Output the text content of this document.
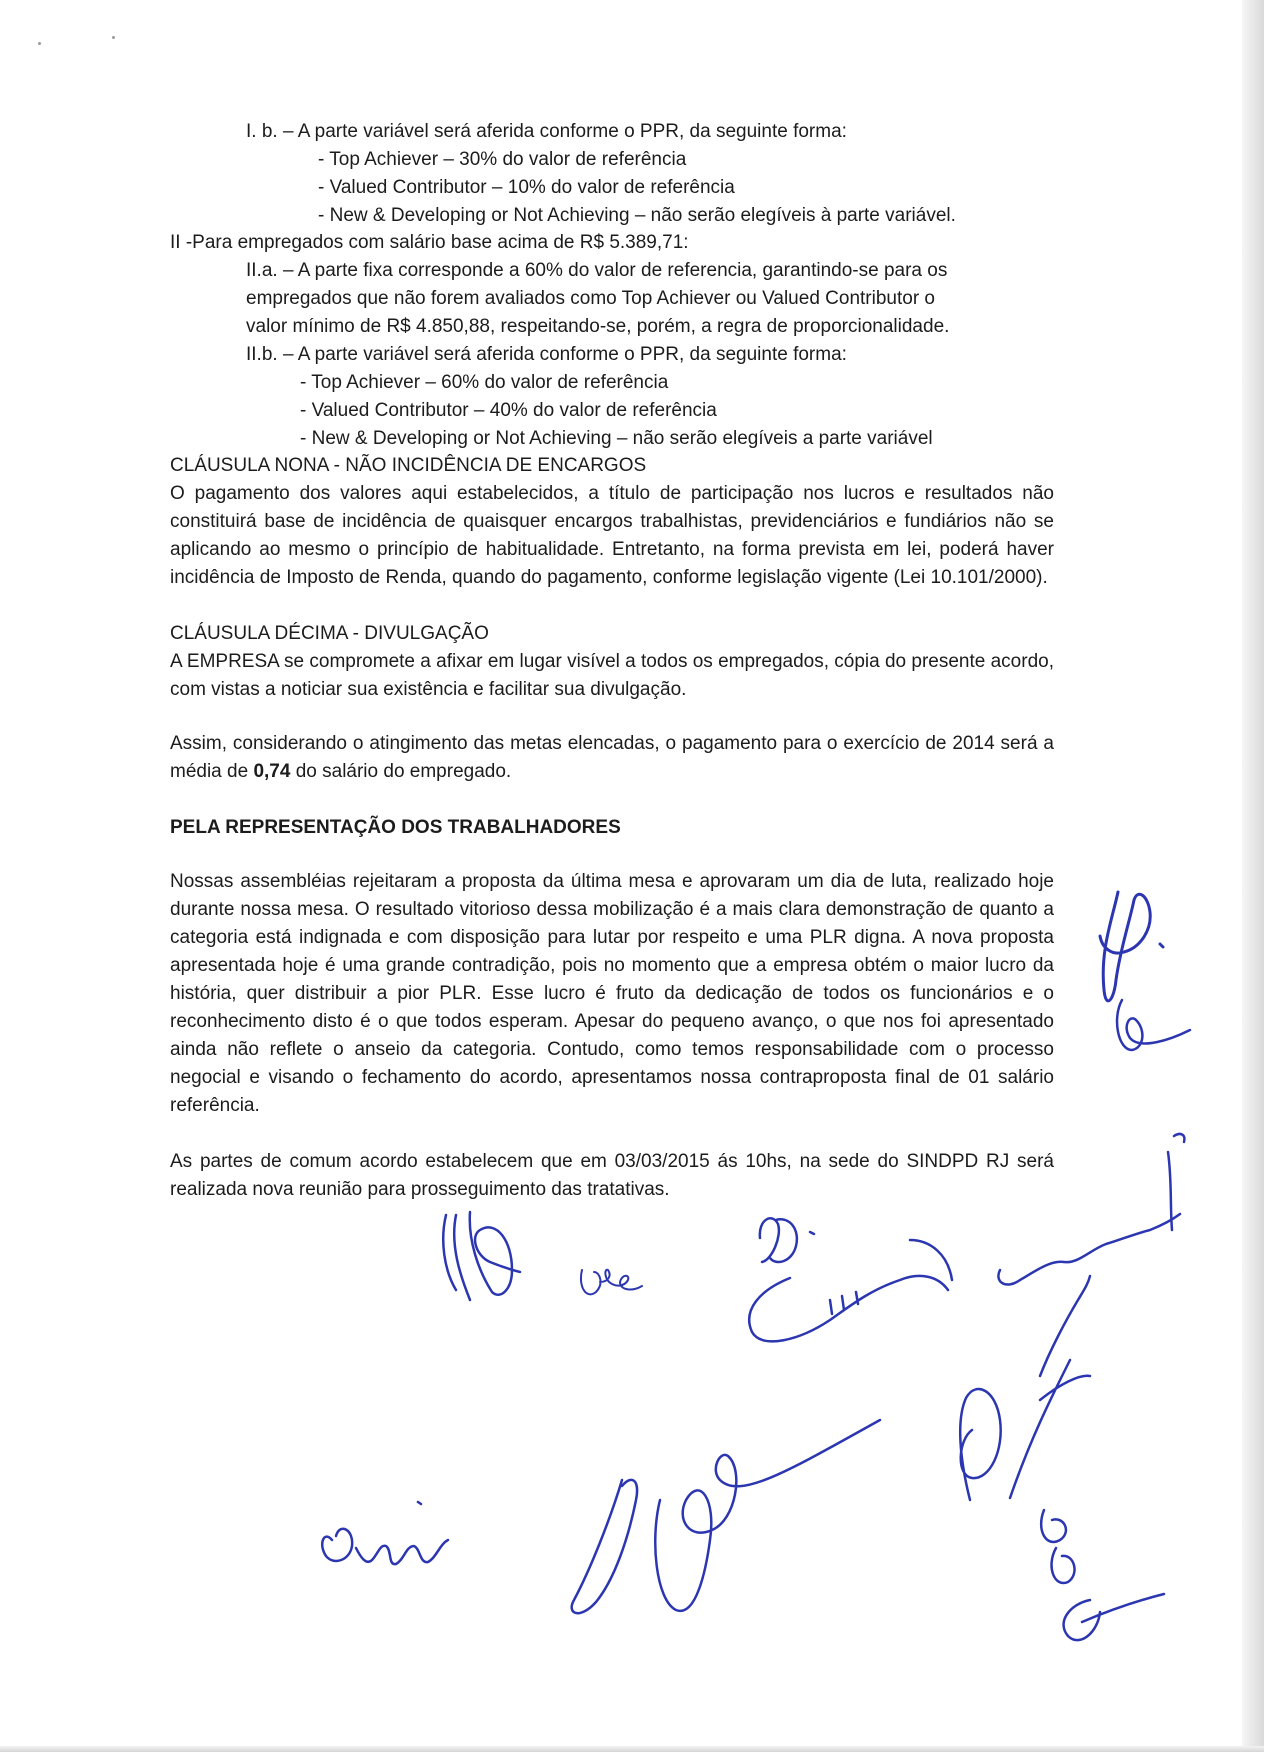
I. b. – A parte variável será aferida conforme o PPR, da seguinte forma:

- Top Achiever – 30% do valor de referência

- Valued Contributor – 10% do valor de referência

- New & Developing or Not Achieving – não serão elegíveis à parte variável.

II -Para empregados com salário base acima de R$ 5.389,71:

II.a. – A parte fixa corresponde a 60% do valor de referencia, garantindo-se para os

empregados que não forem avaliados como Top Achiever ou Valued Contributor o

valor mínimo de R$ 4.850,88, respeitando-se, porém, a regra de proporcionalidade.

II.b. – A parte variável será aferida conforme o PPR, da seguinte forma:

- Top Achiever – 60% do valor de referência

- Valued Contributor – 40% do valor de referência

- New & Developing or Not Achieving – não serão elegíveis a parte variável

CLÁUSULA NONA - NÃO INCIDÊNCIA DE ENCARGOS

O pagamento dos valores aqui estabelecidos, a título de participação nos lucros e resultados não constituirá base de incidência de quaisquer encargos trabalhistas, previdenciários e fundiários não se aplicando ao mesmo o princípio de habitualidade. Entretanto, na forma prevista em lei, poderá haver incidência de Imposto de Renda, quando do pagamento, conforme legislação vigente (Lei 10.101/2000).

CLÁUSULA DÉCIMA - DIVULGAÇÃO

A EMPRESA se compromete a afixar em lugar visível a todos os empregados, cópia do presente acordo, com vistas a noticiar sua existência e facilitar sua divulgação.

Assim, considerando o atingimento das metas elencadas, o pagamento para o exercício de 2014 será a média de 0,74 do salário do empregado.

PELA REPRESENTAÇÃO DOS TRABALHADORES

Nossas assembléias rejeitaram a proposta da última mesa e aprovaram um dia de luta, realizado hoje durante nossa mesa. O resultado vitorioso dessa mobilização é a mais clara demonstração de quanto a categoria está indignada e com disposição para lutar por respeito e uma PLR digna. A nova proposta apresentada hoje é uma grande contradição, pois no momento que a empresa obtém o maior lucro da história, quer distribuir a pior PLR. Esse lucro é fruto da dedicação de todos os funcionários e o reconhecimento disto é o que todos esperam. Apesar do pequeno avanço, o que nos foi apresentado ainda não reflete o anseio da categoria. Contudo, como temos responsabilidade com o processo negocial e visando o fechamento do acordo, apresentamos nossa contraproposta final de 01 salário referência.

As partes de comum acordo estabelecem que em 03/03/2015 ás 10hs, na sede do SINDPD RJ será realizada nova reunião para prosseguimento das tratativas.
